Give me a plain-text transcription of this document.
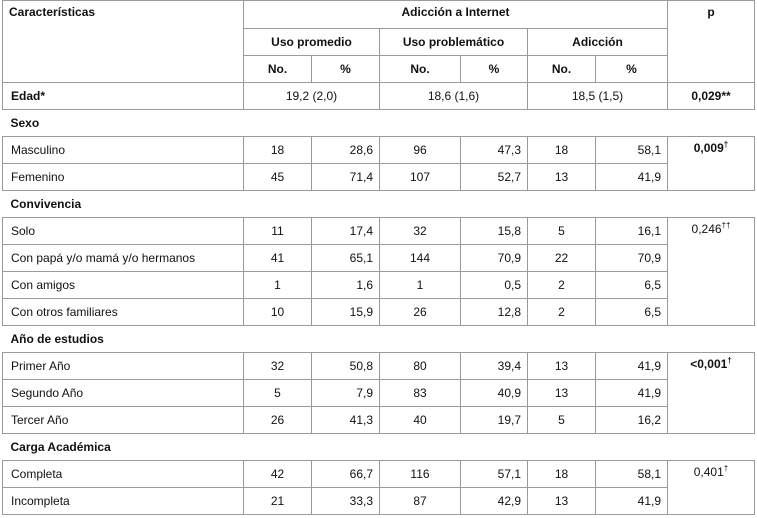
Características	Adicción a Internet						p
	Uso promedio		Uso problemático		Adicción		
	No.	%	No.	%	No.	%	
Edad*	19,2 (2,0)		18,6 (1,6)		18,5 (1,5)		0,029**
Sexo							
Masculino	18	28,6	96	47,3	18	58,1	0,009†
Femenino	45	71,4	107	52,7	13	41,9	
Convivencia							
Solo	11	17,4	32	15,8	5	16,1	0,246††
Con papá y/o mamá y/o hermanos	41	65,1	144	70,9	22	70,9	
Con amigos	1	1,6	1	0,5	2	6,5	
Con otros familiares	10	15,9	26	12,8	2	6,5	
Año de estudios							
Primer Año	32	50,8	80	39,4	13	41,9	<0,001†
Segundo Año	5	7,9	83	40,9	13	41,9	
Tercer Año	26	41,3	40	19,7	5	16,2	
Carga Académica							
Completa	42	66,7	116	57,1	18	58,1	0,401†
Incompleta	21	33,3	87	42,9	13	41,9	
